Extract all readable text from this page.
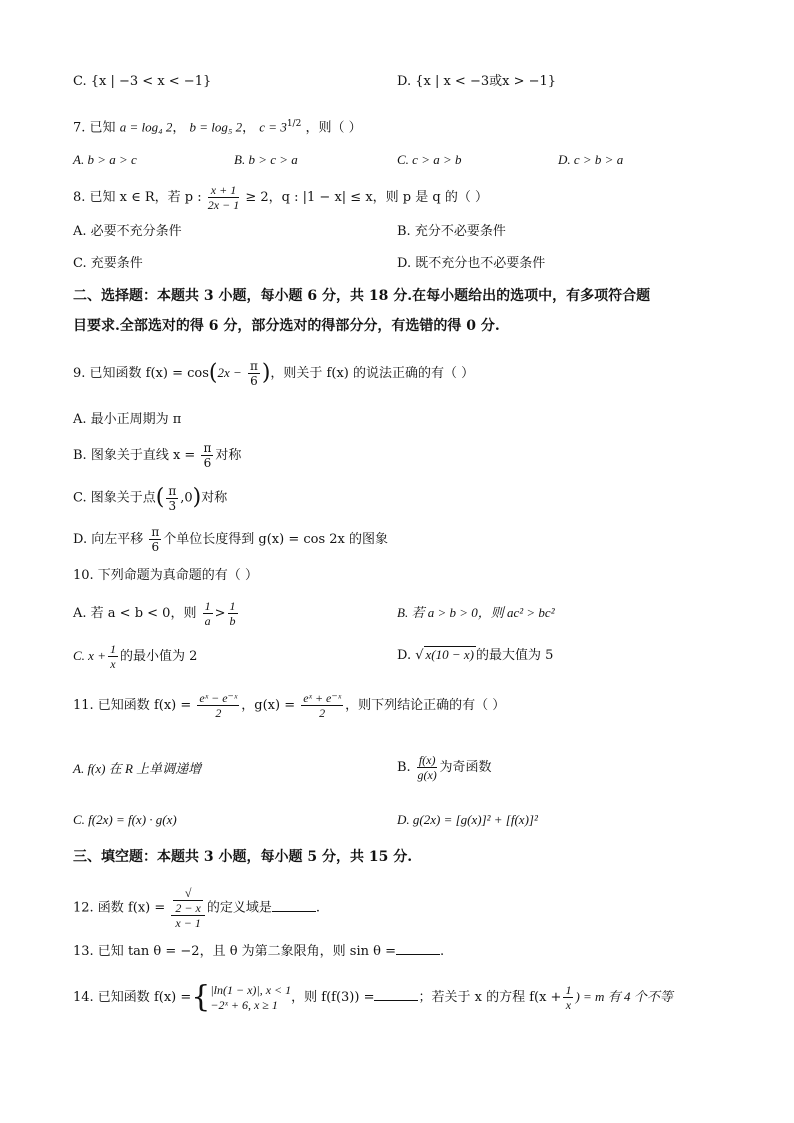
C. {x | −3 < x < −1}	D. {x | x < −3或x > −1}
7. 已知 a = log₄ 2， b = log₅ 2， $c = 3^{1/2}$ ，则（ ）
A. b > a > c	B. b > c > a	C. c > a > b	D. c > b > a
8. 已知 x ∈ R，若 p : $\frac{x + 1}{2x - 1} \ge 2$，q : |1 − x| ≤ x，则 p 是 q 的（ ）
A. 必要不充分条件	B. 充分不必要条件
C. 充要条件	D. 既不充分也不必要条件
二、选择题：本题共 3 小题，每小题 6 分，共 18 分.在每小题给出的选项中，有多项符合题
目要求.全部选对的得 6 分，部分选对的得部分分，有选错的得 0 分.
9. 已知函数 $f(x) = \cos(2x - \frac{\pi}{6}$ )，则关于 f(x) 的说法正确的有（ ）
A. 最小正周期为 π
B. 图象关于直线 $x = \frac{\pi}{6}$ 对称
C. 图象关于点( $\frac{\pi}{3} ,0$)对称
D. 向左平移 $\frac{\pi}{6}$ 个单位长度得到 g(x) = cos 2x 的图象
10. 下列命题为真命题的有（ ）
A. 若 a < b < 0，则 $\frac{1}{a} > \frac{1}{b}$	B. 若 a > b > 0，则 ac² > bc²
C. $x + \frac{1}{x}$ 的最小值为 2	D. √ x(10 − x) 的最大值为 5
11. 已知函数 $f(x) = \frac{\text{eˣ − e⁻ˣ}}{2}$ ，$g(x) = \frac{\text{eˣ + e⁻ˣ}}{2}$ ，则下列结论正确的有（ ）
A. f(x) 在 R 上单调递增	B. $\frac{f(x)}{g(x)}$ 为奇函数
C. f(2x) = f(x) · g(x)	D. g(2x) = [g(x)]² + [f(x)]²
三、填空题：本题共 3 小题，每小题 5 分，共 15 分.
12. 函数 f(x) = √
2 − x
x − 1 的定义域是	.
13. 已知 tan θ = −2，且 θ 为第二象限角，则 sin θ =	.
14. 已知函数 f(x) ={ |ln(1 − x)|, x < 1
−2ˣ + 6, x ≥ 1	，则 f(f(3)) =	；若关于 x 的方程 $f(x + \frac{1}{x}$ ) = m 有 4 个不等
